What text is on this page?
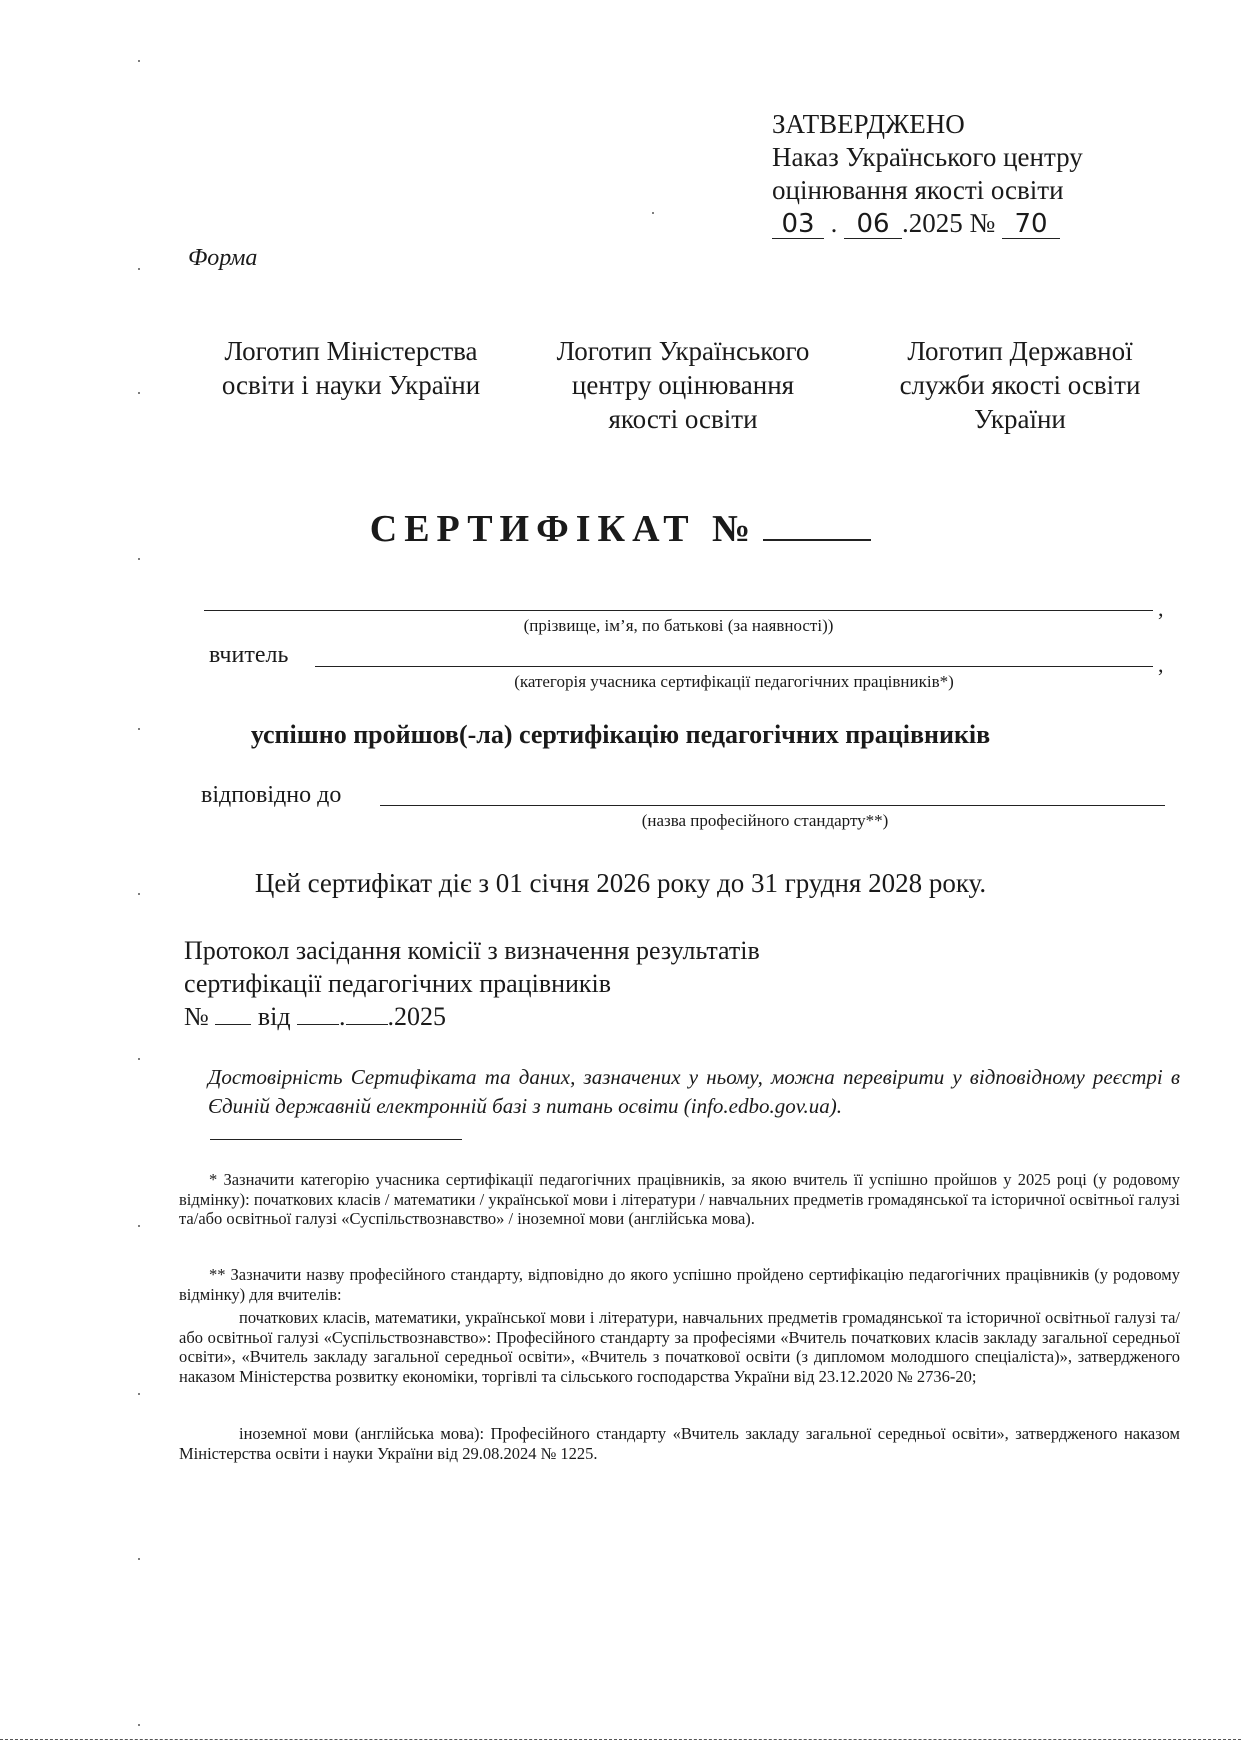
ЗАТВЕРДЖЕНО
Наказ Українського центру
оцінювання якості освіти
03 . 06 .2025 № 70
Форма
Логотип Міністерства
освіти і науки України
Логотип Українського
центру оцінювання
якості освіти
Логотип Державної
служби якості освіти
України
СЕРТИФІКАТ №
,
(прізвище, ім’я, по батькові (за наявності))
вчитель	,
(категорія учасника сертифікації педагогічних працівників*)
успішно пройшов(-ла) сертифікацію педагогічних працівників
відповідно до
(назва професійного стандарту**)
Цей сертифікат діє з 01 січня 2026 року до 31 грудня 2028 року.
Протокол засідання комісії з визначення результатів
сертифікації педагогічних працівників
№ від . .2025
Достовірність Сертифіката та даних, зазначених у ньому, можна перевірити у відповідному реєстрі в Єдиній державній електронній базі з питань освіти (info.edbo.gov.ua).

* Зазначити категорію учасника сертифікації педагогічних працівників, за якою вчитель її успішно пройшов у 2025 році (у родовому відмінку): початкових класів / математики / української мови і літератури / навчальних предметів громадянської та історичної освітньої галузі та/або освітньої галузі «Суспільствознавство» / іноземної мови (англійська мова).

** Зазначити назву професійного стандарту, відповідно до якого успішно пройдено сертифікацію педагогічних працівників (у родовому відмінку) для вчителів:

початкових класів, математики, української мови і літератури, навчальних предметів громадянської та історичної освітньої галузі та/або освітньої галузі «Суспільствознавство»: Професійного стандарту за професіями «Вчитель початкових класів закладу загальної середньої освіти», «Вчитель закладу загальної середньої освіти», «Вчитель з початкової освіти (з дипломом молодшого спеціаліста)», затвердженого наказом Міністерства розвитку економіки, торгівлі та сільського господарства України від 23.12.2020 № 2736-20;

іноземної мови (англійська мова): Професійного стандарту «Вчитель закладу загальної середньої освіти», затвердженого наказом Міністерства освіти і науки України від 29.08.2024 № 1225.
